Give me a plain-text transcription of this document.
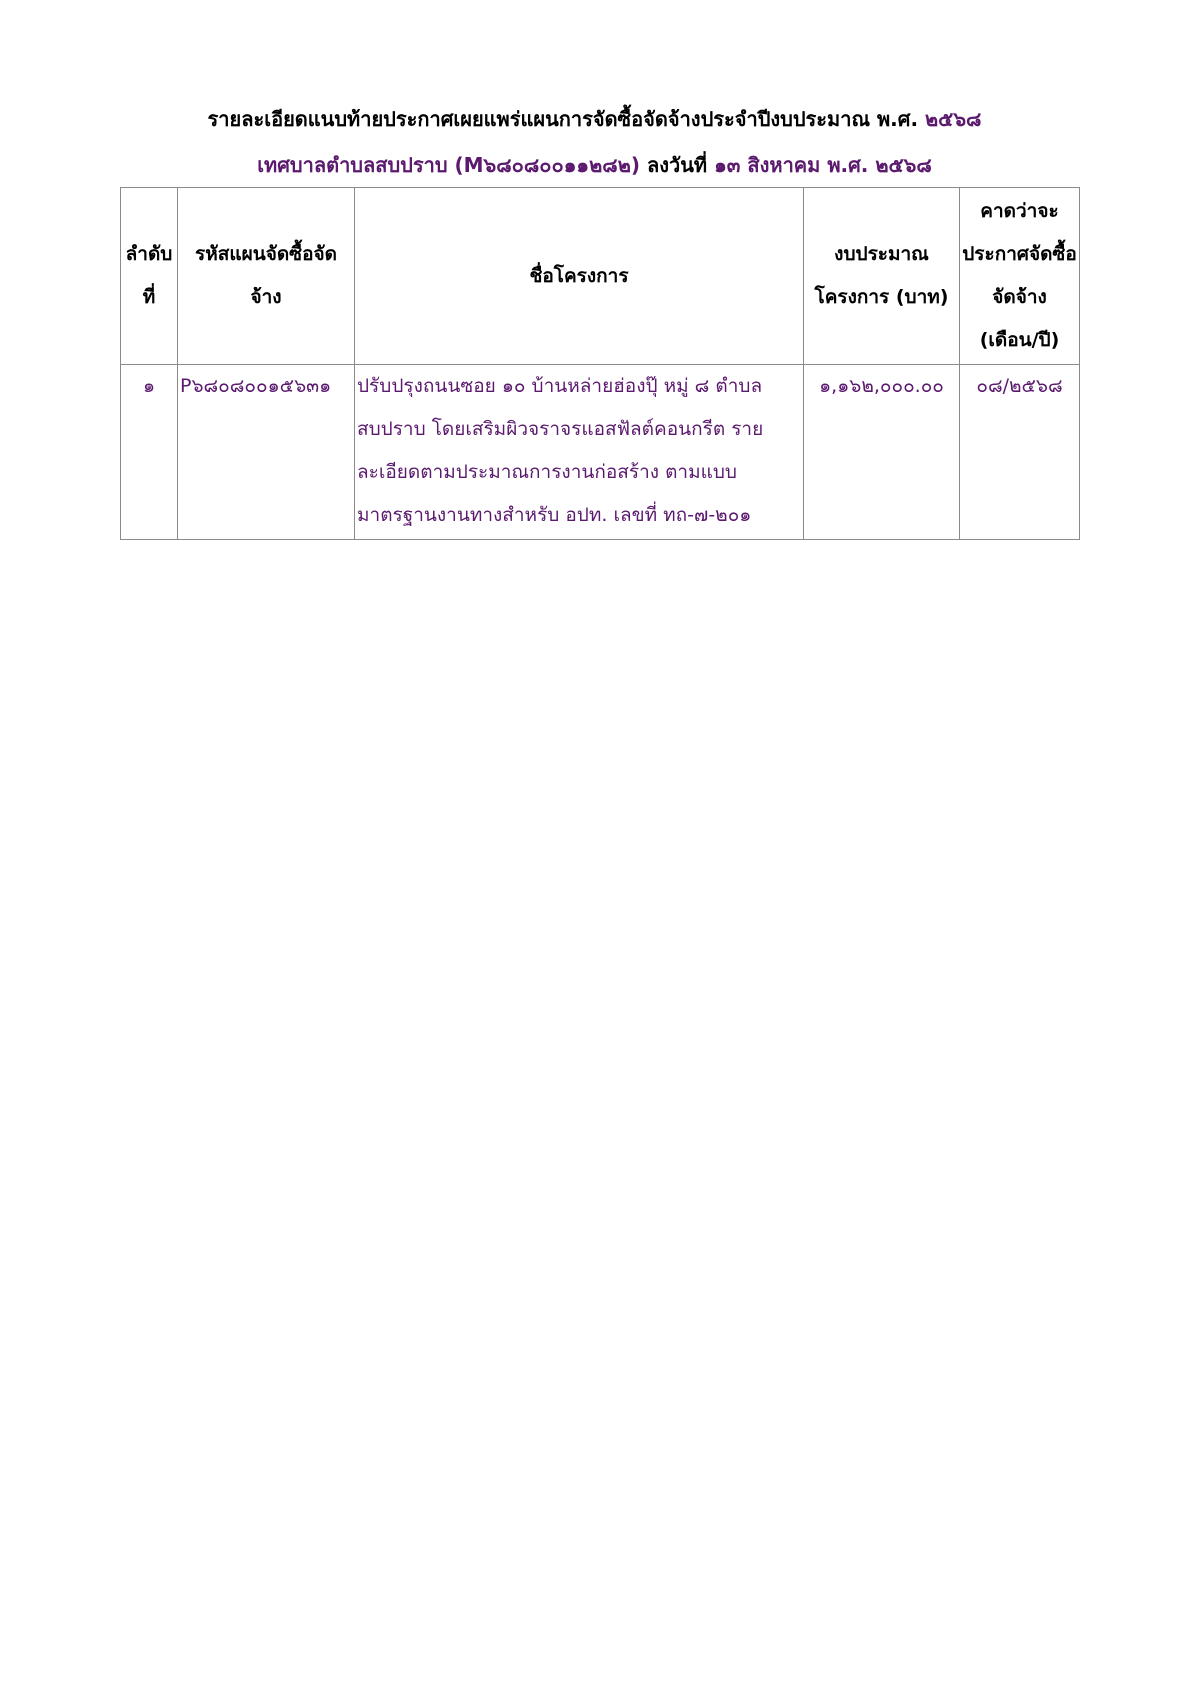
รายละเอียดแนบท้ายประกาศเผยแพร่แผนการจัดซื้อจัดจ้างประจำปีงบประมาณ พ.ศ. ๒๕๖๘
เทศบาลตำบลสบปราบ (M๖๘๐๘๐๐๑๑๒๘๒) ลงวันที่ ๑๓ สิงหาคม พ.ศ. ๒๕๖๘
ลำดับที่	รหัสแผนจัดซื้อจัดจ้าง	ชื่อโครงการ	งบประมาณโครงการ (บาท)	คาดว่าจะประกาศจัดซื้อจัดจ้าง (เดือน/ปี)
๑	P๖๘๐๘๐๐๑๕๖๓๑	ปรับปรุงถนนซอย ๑๐ บ้านหล่ายฮ่องปุ๊ หมู่ ๘ ตำบลสบปราบ โดยเสริมผิวจราจรแอสฟัลต์คอนกรีต รายละเอียดตามประมาณการงานก่อสร้าง ตามแบบมาตรฐานงานทางสำหรับ อปท. เลขที่ ทถ-๗-๒๐๑	๑,๑๖๒,๐๐๐.๐๐	๐๘/๒๕๖๘
